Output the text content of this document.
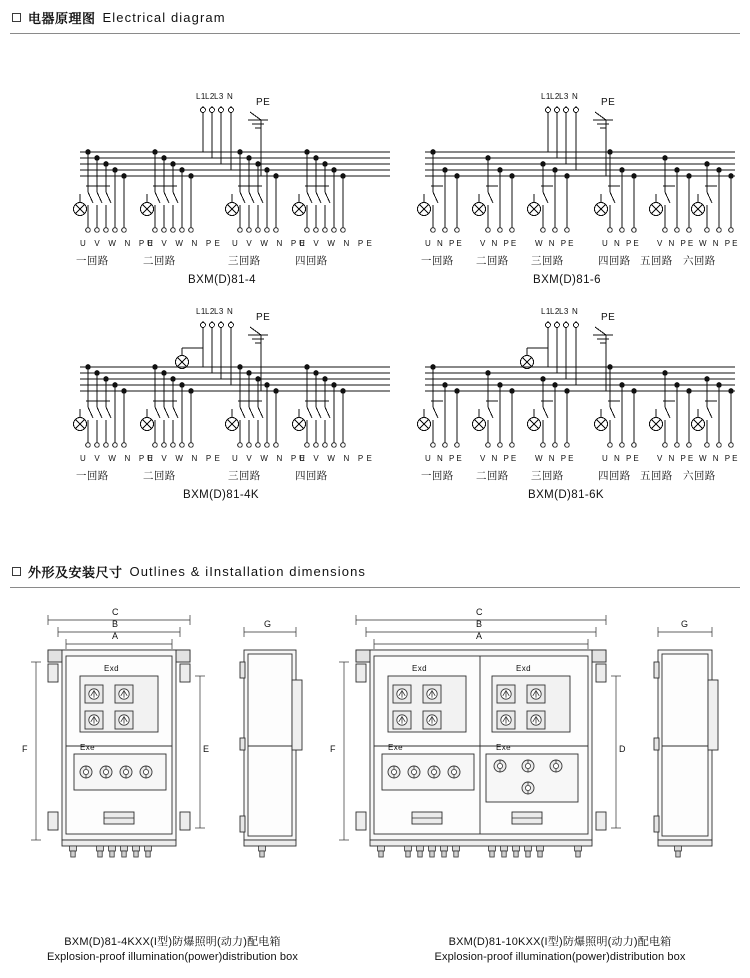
电器原理图 Electrical diagram
L1 L2 L3 N
PE
U V W N PE
U V W N PE U V W N PE
U V W N PE
一回路	二回路	三回路	四回路
BXM(D)81-4
L1 L2 L3 N
PE
U N PE V N PE W N PE	U N PE V N PE W N PE
一回路 二回路 三回路	四回路 五回路 六回路
BXM(D)81-6
L1 L2 L3 N
PE
U V W N PE
U V W N PE U V W N PE
U V W N PE
一回路	二回路	三回路	四回路
BXM(D)81-4K
L1 L2 L3 N
PE
U N PE V N PE W N PE	U N PE V N PE W N PE
一回路 二回路 三回路	四回路 五回路 六回路
BXM(D)81-6K
外形及安装尺寸 Outlines & iInstallation dimensions
C
B
A
F	E
G
Exd
Exe
C
B
A
F	D
G
Exd	Exd
Exe	Exe
BXM(D)81-4KXX(I型)防爆照明(动力)配电箱
Explosion-proof illumination(power)distribution box
BXM(D)81-10KXX(I型)防爆照明(动力)配电箱
Explosion-proof illumination(power)distribution box
